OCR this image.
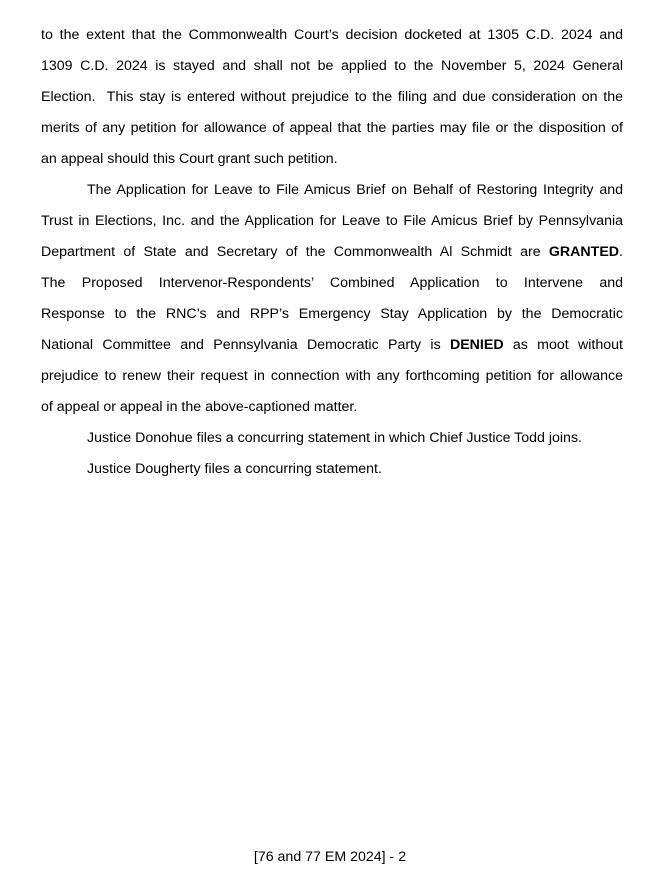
to the extent that the Commonwealth Court’s decision docketed at 1305 C.D. 2024 and
1309 C.D. 2024 is stayed and shall not be applied to the November 5, 2024 General
Election.  This stay is entered without prejudice to the filing and due consideration on the
merits of any petition for allowance of appeal that the parties may file or the disposition of
an appeal should this Court grant such petition.
The Application for Leave to File Amicus Brief on Behalf of Restoring Integrity and
Trust in Elections, Inc. and the Application for Leave to File Amicus Brief by Pennsylvania
Department of State and Secretary of the Commonwealth Al Schmidt are GRANTED.
The Proposed Intervenor-Respondents’ Combined Application to Intervene and
Response to the RNC’s and RPP’s Emergency Stay Application by the Democratic
National Committee and Pennsylvania Democratic Party is DENIED as moot without
prejudice to renew their request in connection with any forthcoming petition for allowance
of appeal or appeal in the above-captioned matter.
Justice Donohue files a concurring statement in which Chief Justice Todd joins.
Justice Dougherty files a concurring statement.
[76 and 77 EM 2024] - 2
